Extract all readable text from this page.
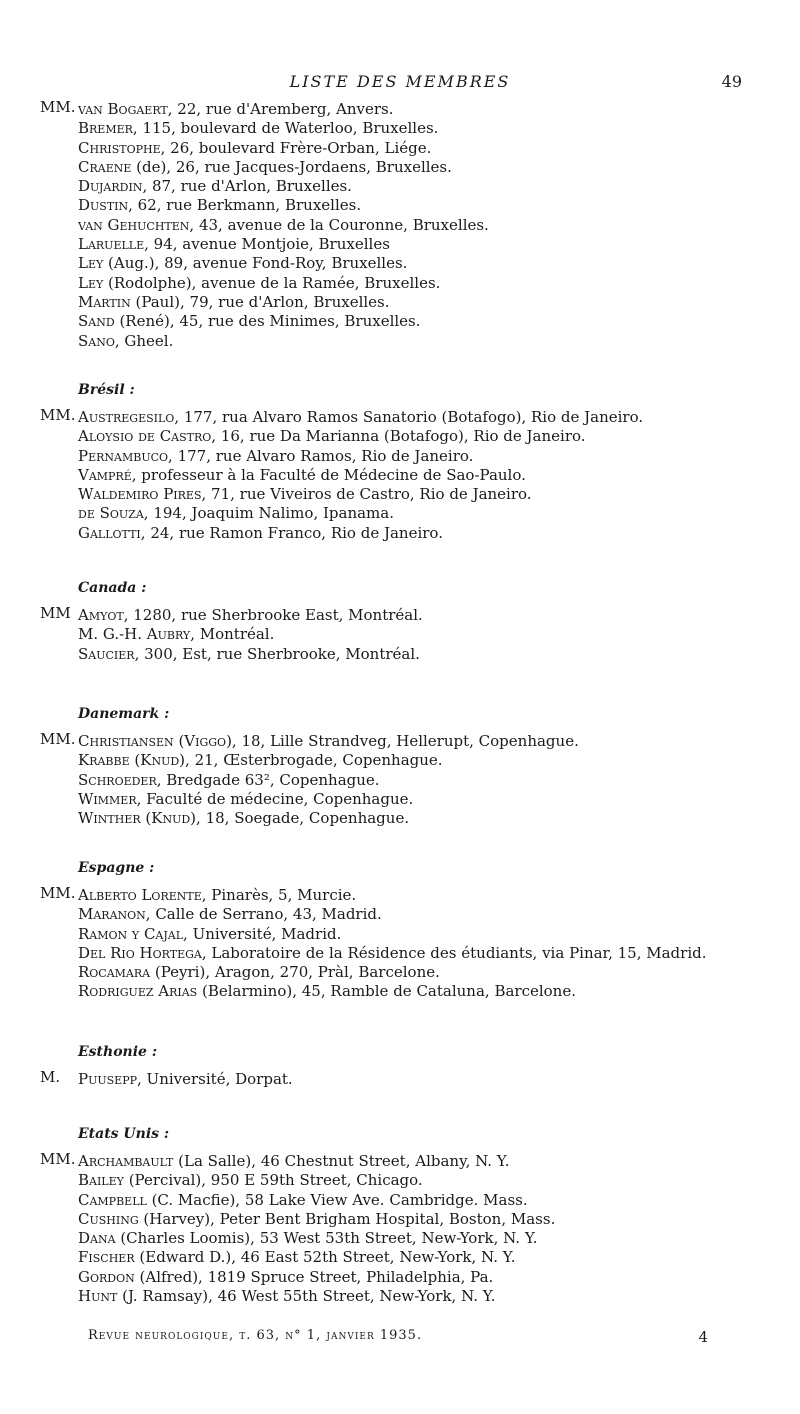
LISTE DES MEMBRES	49
MM. van Bogaert, 22, rue d'Aremberg, Anvers.
Bremer, 115, boulevard de Waterloo, Bruxelles.
Christophe, 26, boulevard Frère-Orban, Liége.
Craene (de), 26, rue Jacques-Jordaens, Bruxelles.
Dujardin, 87, rue d'Arlon, Bruxelles.
Dustin, 62, rue Berkmann, Bruxelles.
van Gehuchten, 43, avenue de la Couronne, Bruxelles.
Laruelle, 94, avenue Montjoie, Bruxelles
Ley (Aug.), 89, avenue Fond-Roy, Bruxelles.
Ley (Rodolphe), avenue de la Ramée, Bruxelles.
Martin (Paul), 79, rue d'Arlon, Bruxelles.
Sand (René), 45, rue des Minimes, Bruxelles.
Sano, Gheel.
Brésil :
MM. Austregesilo, 177, rua Alvaro Ramos Sanatorio (Botafogo), Rio de Janeiro.
Aloysio de Castro, 16, rue Da Marianna (Botafogo), Rio de Janeiro.
Pernambuco, 177, rue Alvaro Ramos, Rio de Janeiro.
Vampré, professeur à la Faculté de Médecine de Sao-Paulo.
Waldemiro Pires, 71, rue Viveiros de Castro, Rio de Janeiro.
de Souza, 194, Joaquim Nalimo, Ipanama.
Gallotti, 24, rue Ramon Franco, Rio de Janeiro.
Canada :
MM Amyot, 1280, rue Sherbrooke East, Montréal.
M. G.-H. Aubry, Montréal.
Saucier, 300, Est, rue Sherbrooke, Montréal.
Danemark :
MM. Christiansen (Viggo), 18, Lille Strandveg, Hellerupt, Copenhague.
Krabbe (Knud), 21, Œsterbrogade, Copenhague.
Schroeder, Bredgade 63², Copenhague.
Wimmer, Faculté de médecine, Copenhague.
Winther (Knud), 18, Soegade, Copenhague.
Espagne :
MM. Alberto Lorente, Pinarès, 5, Murcie.
Maranon, Calle de Serrano, 43, Madrid.
Ramon y Cajal, Université, Madrid.
Del Rio Hortega, Laboratoire de la Résidence des étudiants, via Pinar, 15, Madrid.
Rocamara (Peyri), Aragon, 270, Pràl, Barcelone.
Rodriguez Arias (Belarmino), 45, Ramble de Cataluna, Barcelone.
Esthonie :
M. Puusepp, Université, Dorpat.
Etats Unis :
MM. Archambault (La Salle), 46 Chestnut Street, Albany, N. Y.
Bailey (Percival), 950 E 59th Street, Chicago.
Campbell (C. Macfie), 58 Lake View Ave. Cambridge. Mass.
Cushing (Harvey), Peter Bent Brigham Hospital, Boston, Mass.
Dana (Charles Loomis), 53 West 53th Street, New-York, N. Y.
Fischer (Edward D.), 46 East 52th Street, New-York, N. Y.
Gordon (Alfred), 1819 Spruce Street, Philadelphia, Pa.
Hunt (J. Ramsay), 46 West 55th Street, New-York, N. Y.
Revue neurologique, t. 63, n° 1, janvier 1935.	4
